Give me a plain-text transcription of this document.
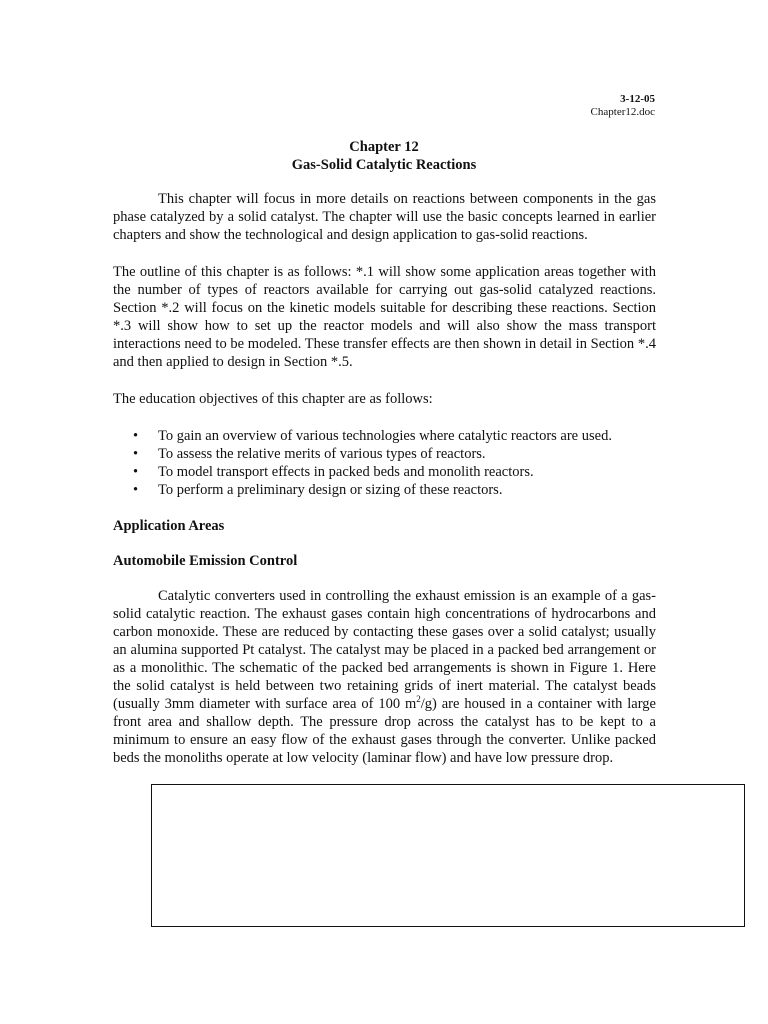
3-12-05
Chapter12.doc
Chapter 12
Gas-Solid Catalytic Reactions

This chapter will focus in more details on reactions between components in the gas phase catalyzed by a solid catalyst. The chapter will use the basic concepts learned in earlier chapters and show the technological and design application to gas-solid reactions.

The outline of this chapter is as follows: *.1 will show some application areas together with the number of types of reactors available for carrying out gas-solid catalyzed reactions. Section *.2 will focus on the kinetic models suitable for describing these reactions. Section *.3 will show how to set up the reactor models and will also show the mass transport interactions need to be modeled. These transfer effects are then shown in detail in Section *.4 and then applied to design in Section *.5.

The education objectives of this chapter are as follows:

• To gain an overview of various technologies where catalytic reactors are used.
• To assess the relative merits of various types of reactors.
• To model transport effects in packed beds and monolith reactors.
• To perform a preliminary design or sizing of these reactors.
Application Areas
Automobile Emission Control

Catalytic converters used in controlling the exhaust emission is an example of a gas-solid catalytic reaction. The exhaust gases contain high concentrations of hydrocarbons and carbon monoxide. These are reduced by contacting these gases over a solid catalyst; usually an alumina supported Pt catalyst. The catalyst may be placed in a packed bed arrangement or as a monolithic. The schematic of the packed bed arrangements is shown in Figure 1. Here the solid catalyst is held between two retaining grids of inert material. The catalyst beads (usually 3mm diameter with surface area of 100 $m^2/g$) are housed in a container with large front area and shallow depth. The pressure drop across the catalyst has to be kept to a minimum to ensure an easy flow of the exhaust gases through the converter. Unlike packed beds the monoliths operate at low velocity (laminar flow) and have low pressure drop.
